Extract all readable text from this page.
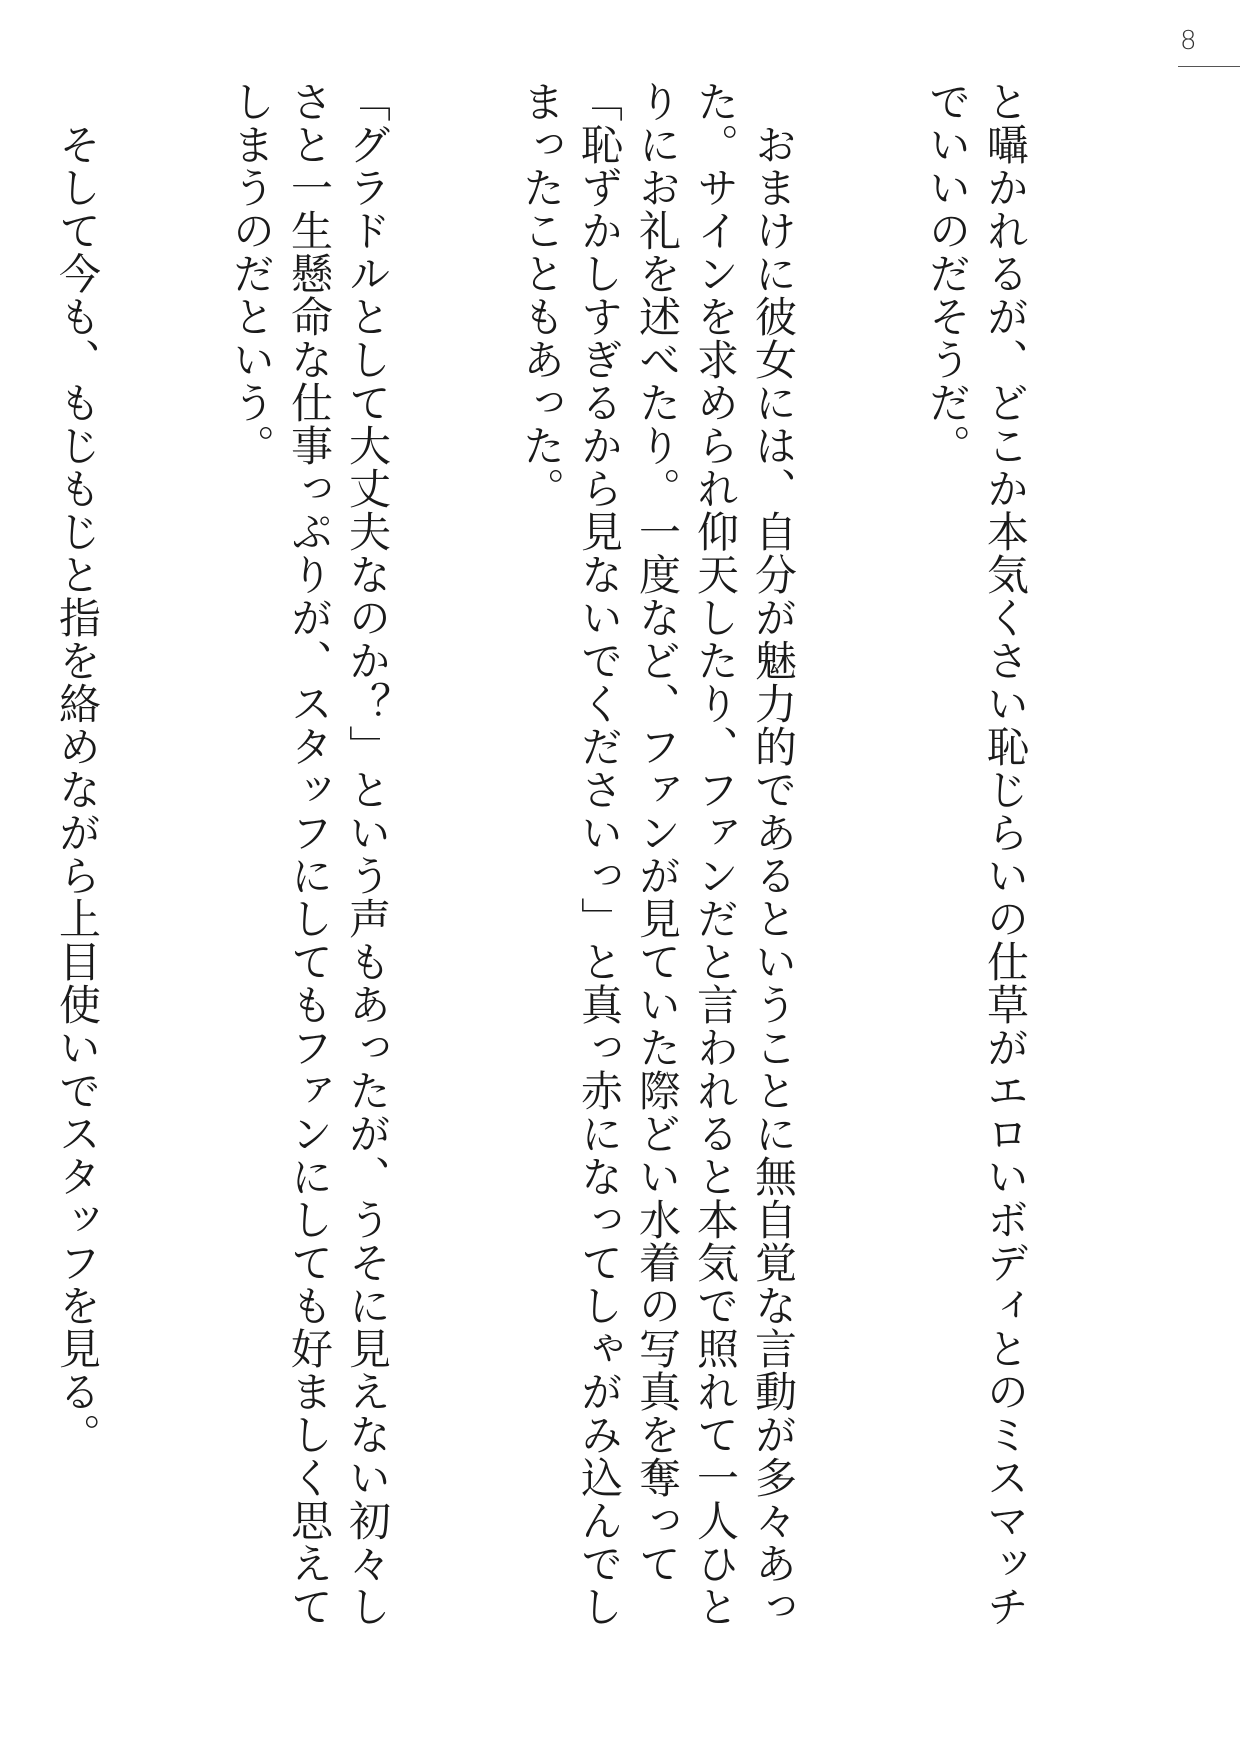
8

と囁かれるが、どこか本気くさい恥じらいの仕草がエロいボディとのミスマッチでいいのだそうだ。

　おまけに彼女には、自分が魅力的であるということに無自覚な言動が多々あった。サインを求められ仰天したり、ファンだと言われると本気で照れて一人ひとりにお礼を述べたり。一度など、ファンが見ていた際どい水着の写真を奪って「恥ずかしすぎるから見ないでくださいっ」と真っ赤になってしゃがみ込んでしまったこともあった。

「グラドルとして大丈夫なのか？」という声もあったが、うそに見えない初々しさと一生懸命な仕事っぷりが、スタッフにしてもファンにしても好ましく思えてしまうのだという。

　そして今も、もじもじと指を絡めながら上目使いでスタッフを見る。
